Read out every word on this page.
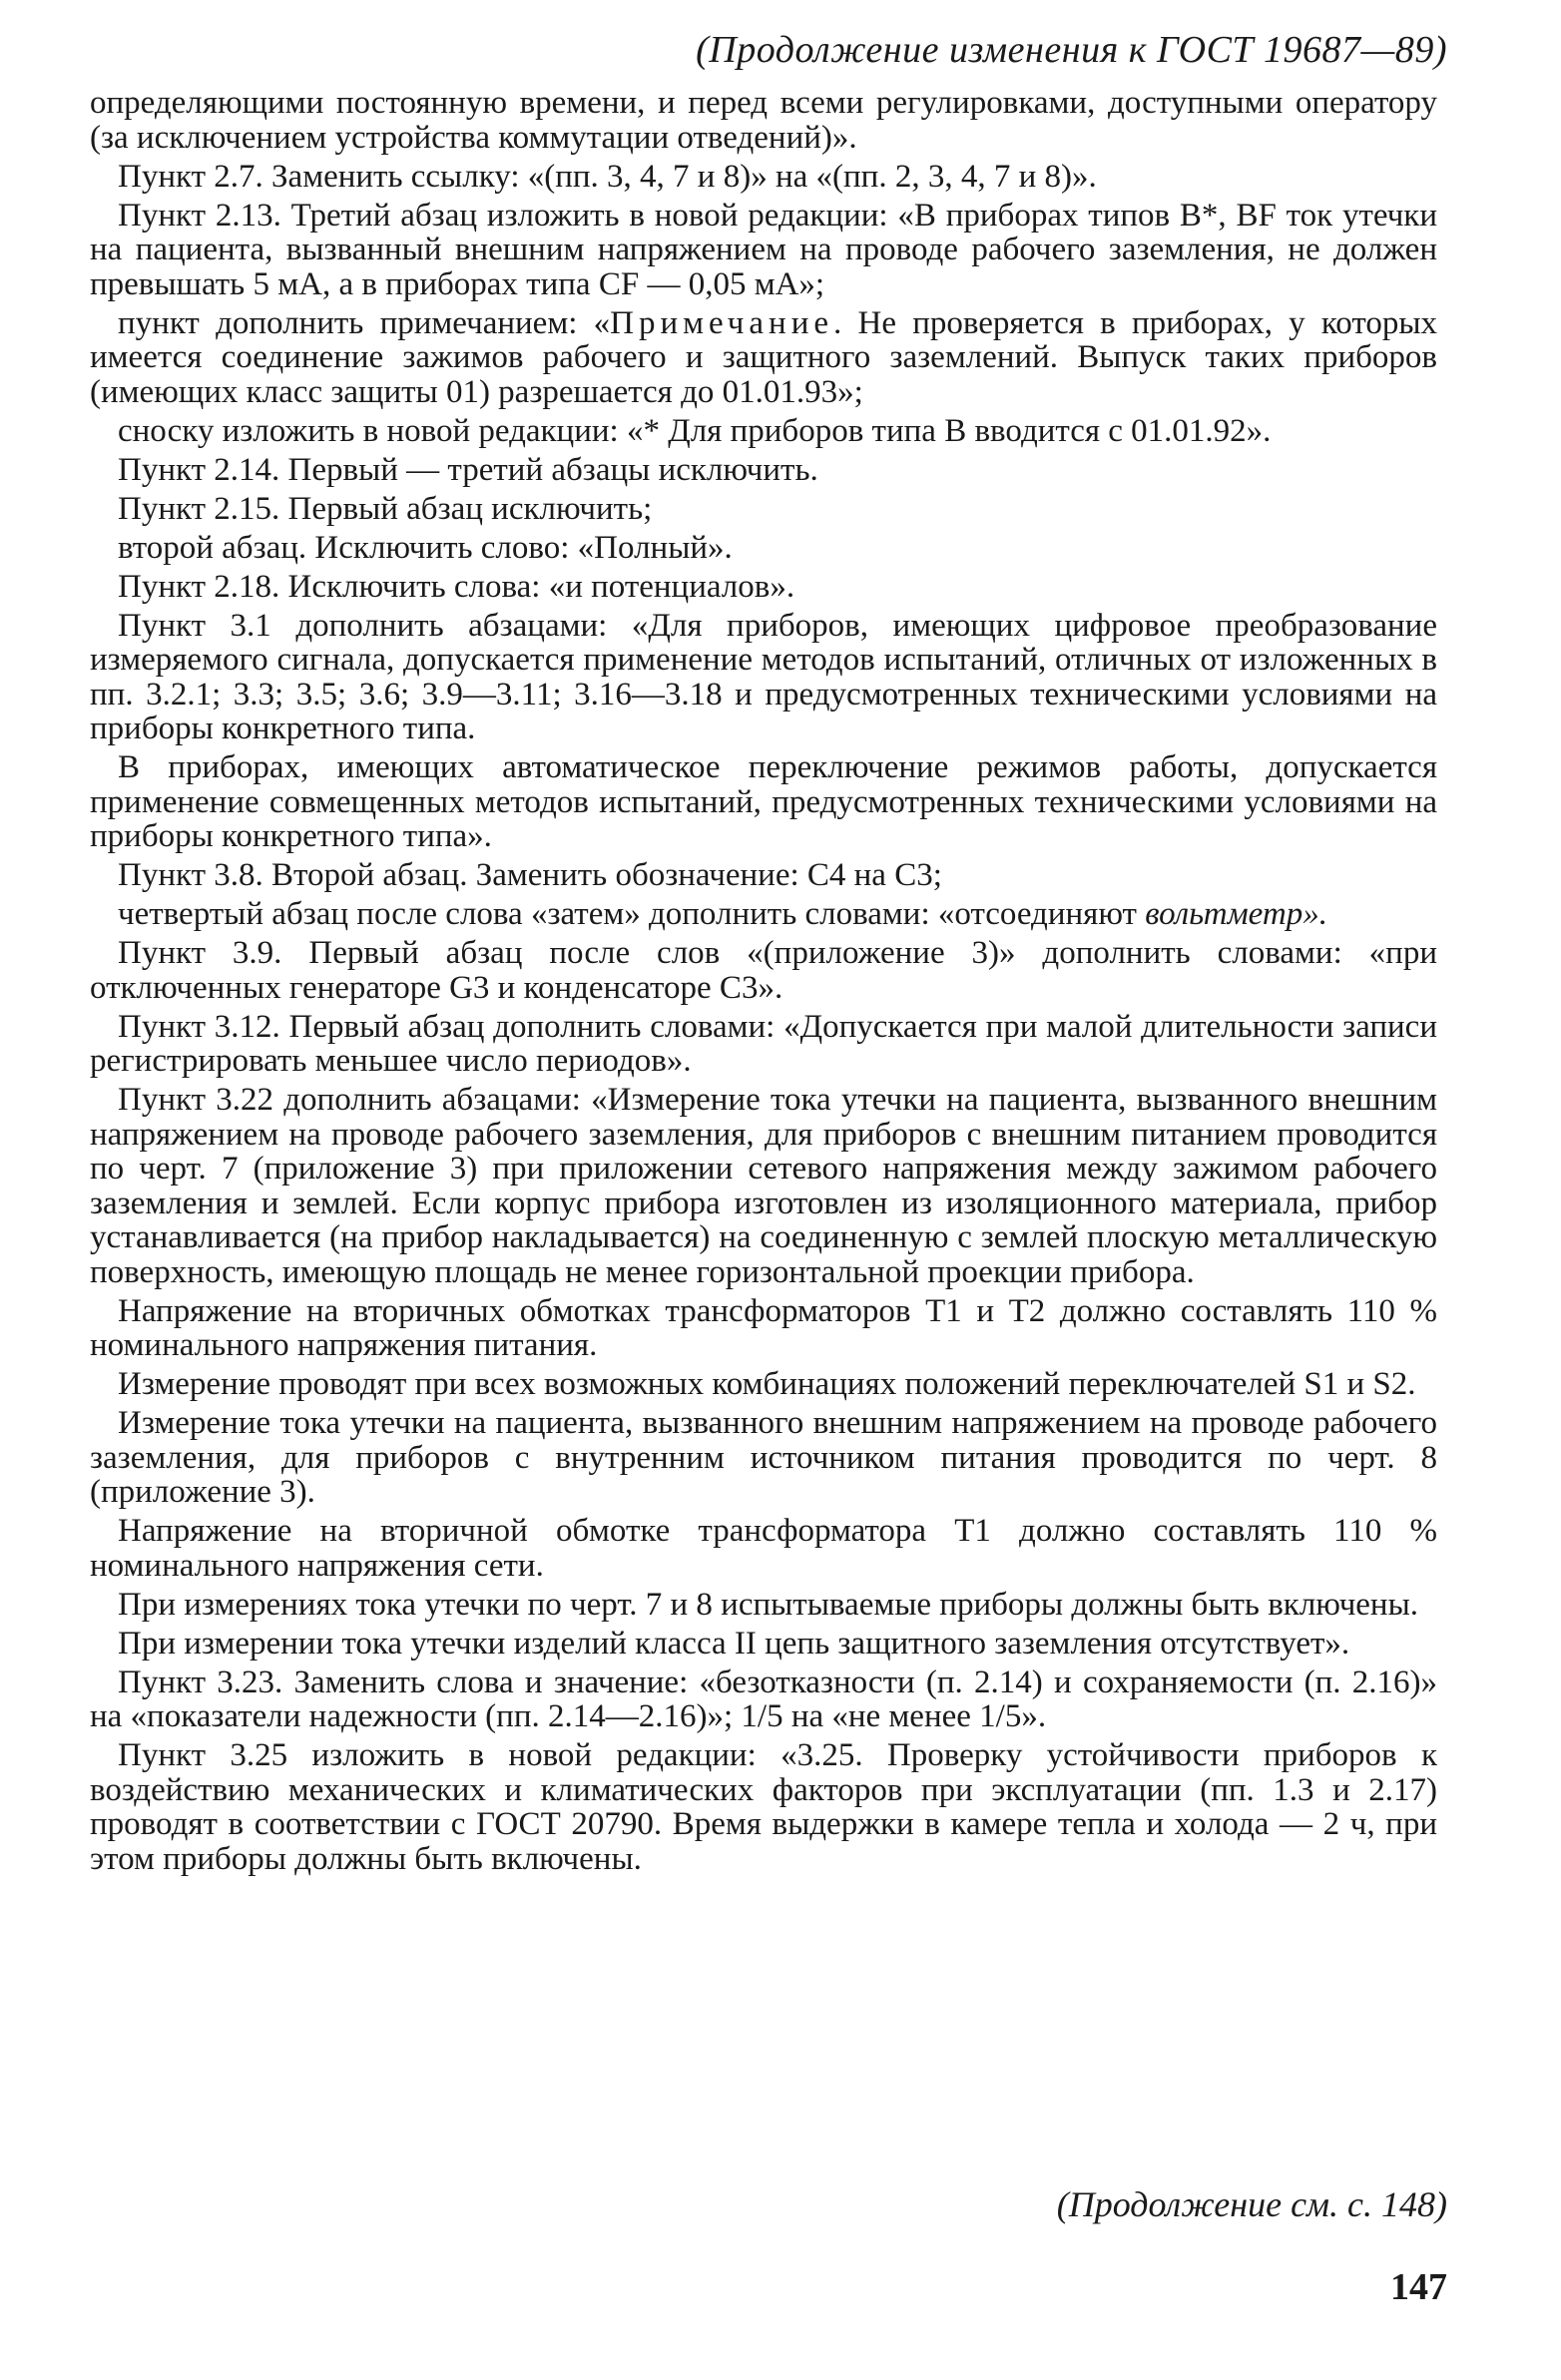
(Продолжение изменения к ГОСТ 19687—89)

определяющими постоянную времени, и перед всеми регулировками, доступными оператору (за исключением устройства коммутации отведений)».

Пункт 2.7. Заменить ссылку: «(пп. 3, 4, 7 и 8)» на «(пп. 2, 3, 4, 7 и 8)».

Пункт 2.13. Третий абзац изложить в новой редакции: «В приборах типов B*, BF ток утечки на пациента, вызванный внешним напряжением на проводе рабочего заземления, не должен превышать 5 мА, а в приборах типа CF — 0,05 мА»;

пункт дополнить примечанием: «Примечание. Не проверяется в приборах, у которых имеется соединение зажимов рабочего и защитного заземлений. Выпуск таких приборов (имеющих класс защиты 01) разрешается до 01.01.93»;

сноску изложить в новой редакции: «* Для приборов типа B вводится с 01.01.92».

Пункт 2.14. Первый — третий абзацы исключить.

Пункт 2.15. Первый абзац исключить;

второй абзац. Исключить слово: «Полный».

Пункт 2.18. Исключить слова: «и потенциалов».

Пункт 3.1 дополнить абзацами: «Для приборов, имеющих цифровое преобразование измеряемого сигнала, допускается применение методов испытаний, отличных от изложенных в пп. 3.2.1; 3.3; 3.5; 3.6; 3.9—3.11; 3.16—3.18 и предусмотренных техническими условиями на приборы конкретного типа.

В приборах, имеющих автоматическое переключение режимов работы, допускается применение совмещенных методов испытаний, предусмотренных техническими условиями на приборы конкретного типа».

Пункт 3.8. Второй абзац. Заменить обозначение: C4 на C3;

четвертый абзац после слова «затем» дополнить словами: «отсоединяют вольтметр».

Пункт 3.9. Первый абзац после слов «(приложение 3)» дополнить словами: «при отключенных генераторе G3 и конденсаторе C3».

Пункт 3.12. Первый абзац дополнить словами: «Допускается при малой длительности записи регистрировать меньшее число периодов».

Пункт 3.22 дополнить абзацами: «Измерение тока утечки на пациента, вызванного внешним напряжением на проводе рабочего заземления, для приборов с внешним питанием проводится по черт. 7 (приложение 3) при приложении сетевого напряжения между зажимом рабочего заземления и землей. Если корпус прибора изготовлен из изоляционного материала, прибор устанавливается (на прибор накладывается) на соединенную с землей плоскую металлическую поверхность, имеющую площадь не менее горизонтальной проекции прибора.

Напряжение на вторичных обмотках трансформаторов T1 и T2 должно составлять 110 % номинального напряжения питания.

Измерение проводят при всех возможных комбинациях положений переключателей S1 и S2.

Измерение тока утечки на пациента, вызванного внешним напряжением на проводе рабочего заземления, для приборов с внутренним источником питания проводится по черт. 8 (приложение 3).

Напряжение на вторичной обмотке трансформатора T1 должно составлять 110 % номинального напряжения сети.

При измерениях тока утечки по черт. 7 и 8 испытываемые приборы должны быть включены.

При измерении тока утечки изделий класса II цепь защитного заземления отсутствует».

Пункт 3.23. Заменить слова и значение: «безотказности (п. 2.14) и сохраняемости (п. 2.16)» на «показатели надежности (пп. 2.14—2.16)»; 1/5 на «не менее 1/5».

Пункт 3.25 изложить в новой редакции: «3.25. Проверку устойчивости приборов к воздействию механических и климатических факторов при эксплуатации (пп. 1.3 и 2.17) проводят в соответствии с ГОСТ 20790. Время выдержки в камере тепла и холода — 2 ч, при этом приборы должны быть включены.

(Продолжение см. с. 148)
147
